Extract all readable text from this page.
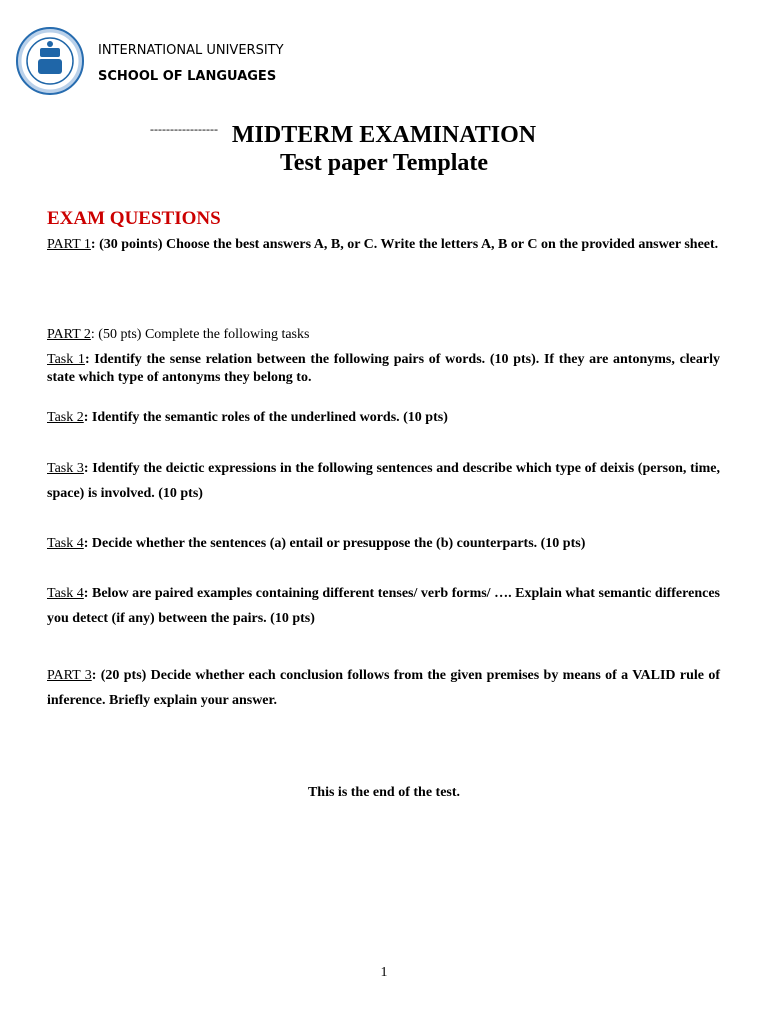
INTERNATIONAL UNIVERSITY
SCHOOL OF LANGUAGES
----------------- MIDTERM EXAMINATION
Test paper Template
EXAM QUESTIONS

PART 1: (30 points) Choose the best answers A, B, or C. Write the letters A, B or C on the provided answer sheet.

PART 2: (50 pts) Complete the following tasks

Task 1: Identify the sense relation between the following pairs of words. (10 pts). If they are antonyms, clearly state which type of antonyms they belong to.

Task 2: Identify the semantic roles of the underlined words. (10 pts)

Task 3: Identify the deictic expressions in the following sentences and describe which type of deixis (person, time, space) is involved. (10 pts)

Task 4: Decide whether the sentences (a) entail or presuppose the (b) counterparts. (10 pts)

Task 4: Below are paired examples containing different tenses/ verb forms/ …. Explain what semantic differences you detect (if any) between the pairs. (10 pts)

PART 3: (20 pts) Decide whether each conclusion follows from the given premises by means of a VALID rule of inference. Briefly explain your answer.

This is the end of the test.
1
